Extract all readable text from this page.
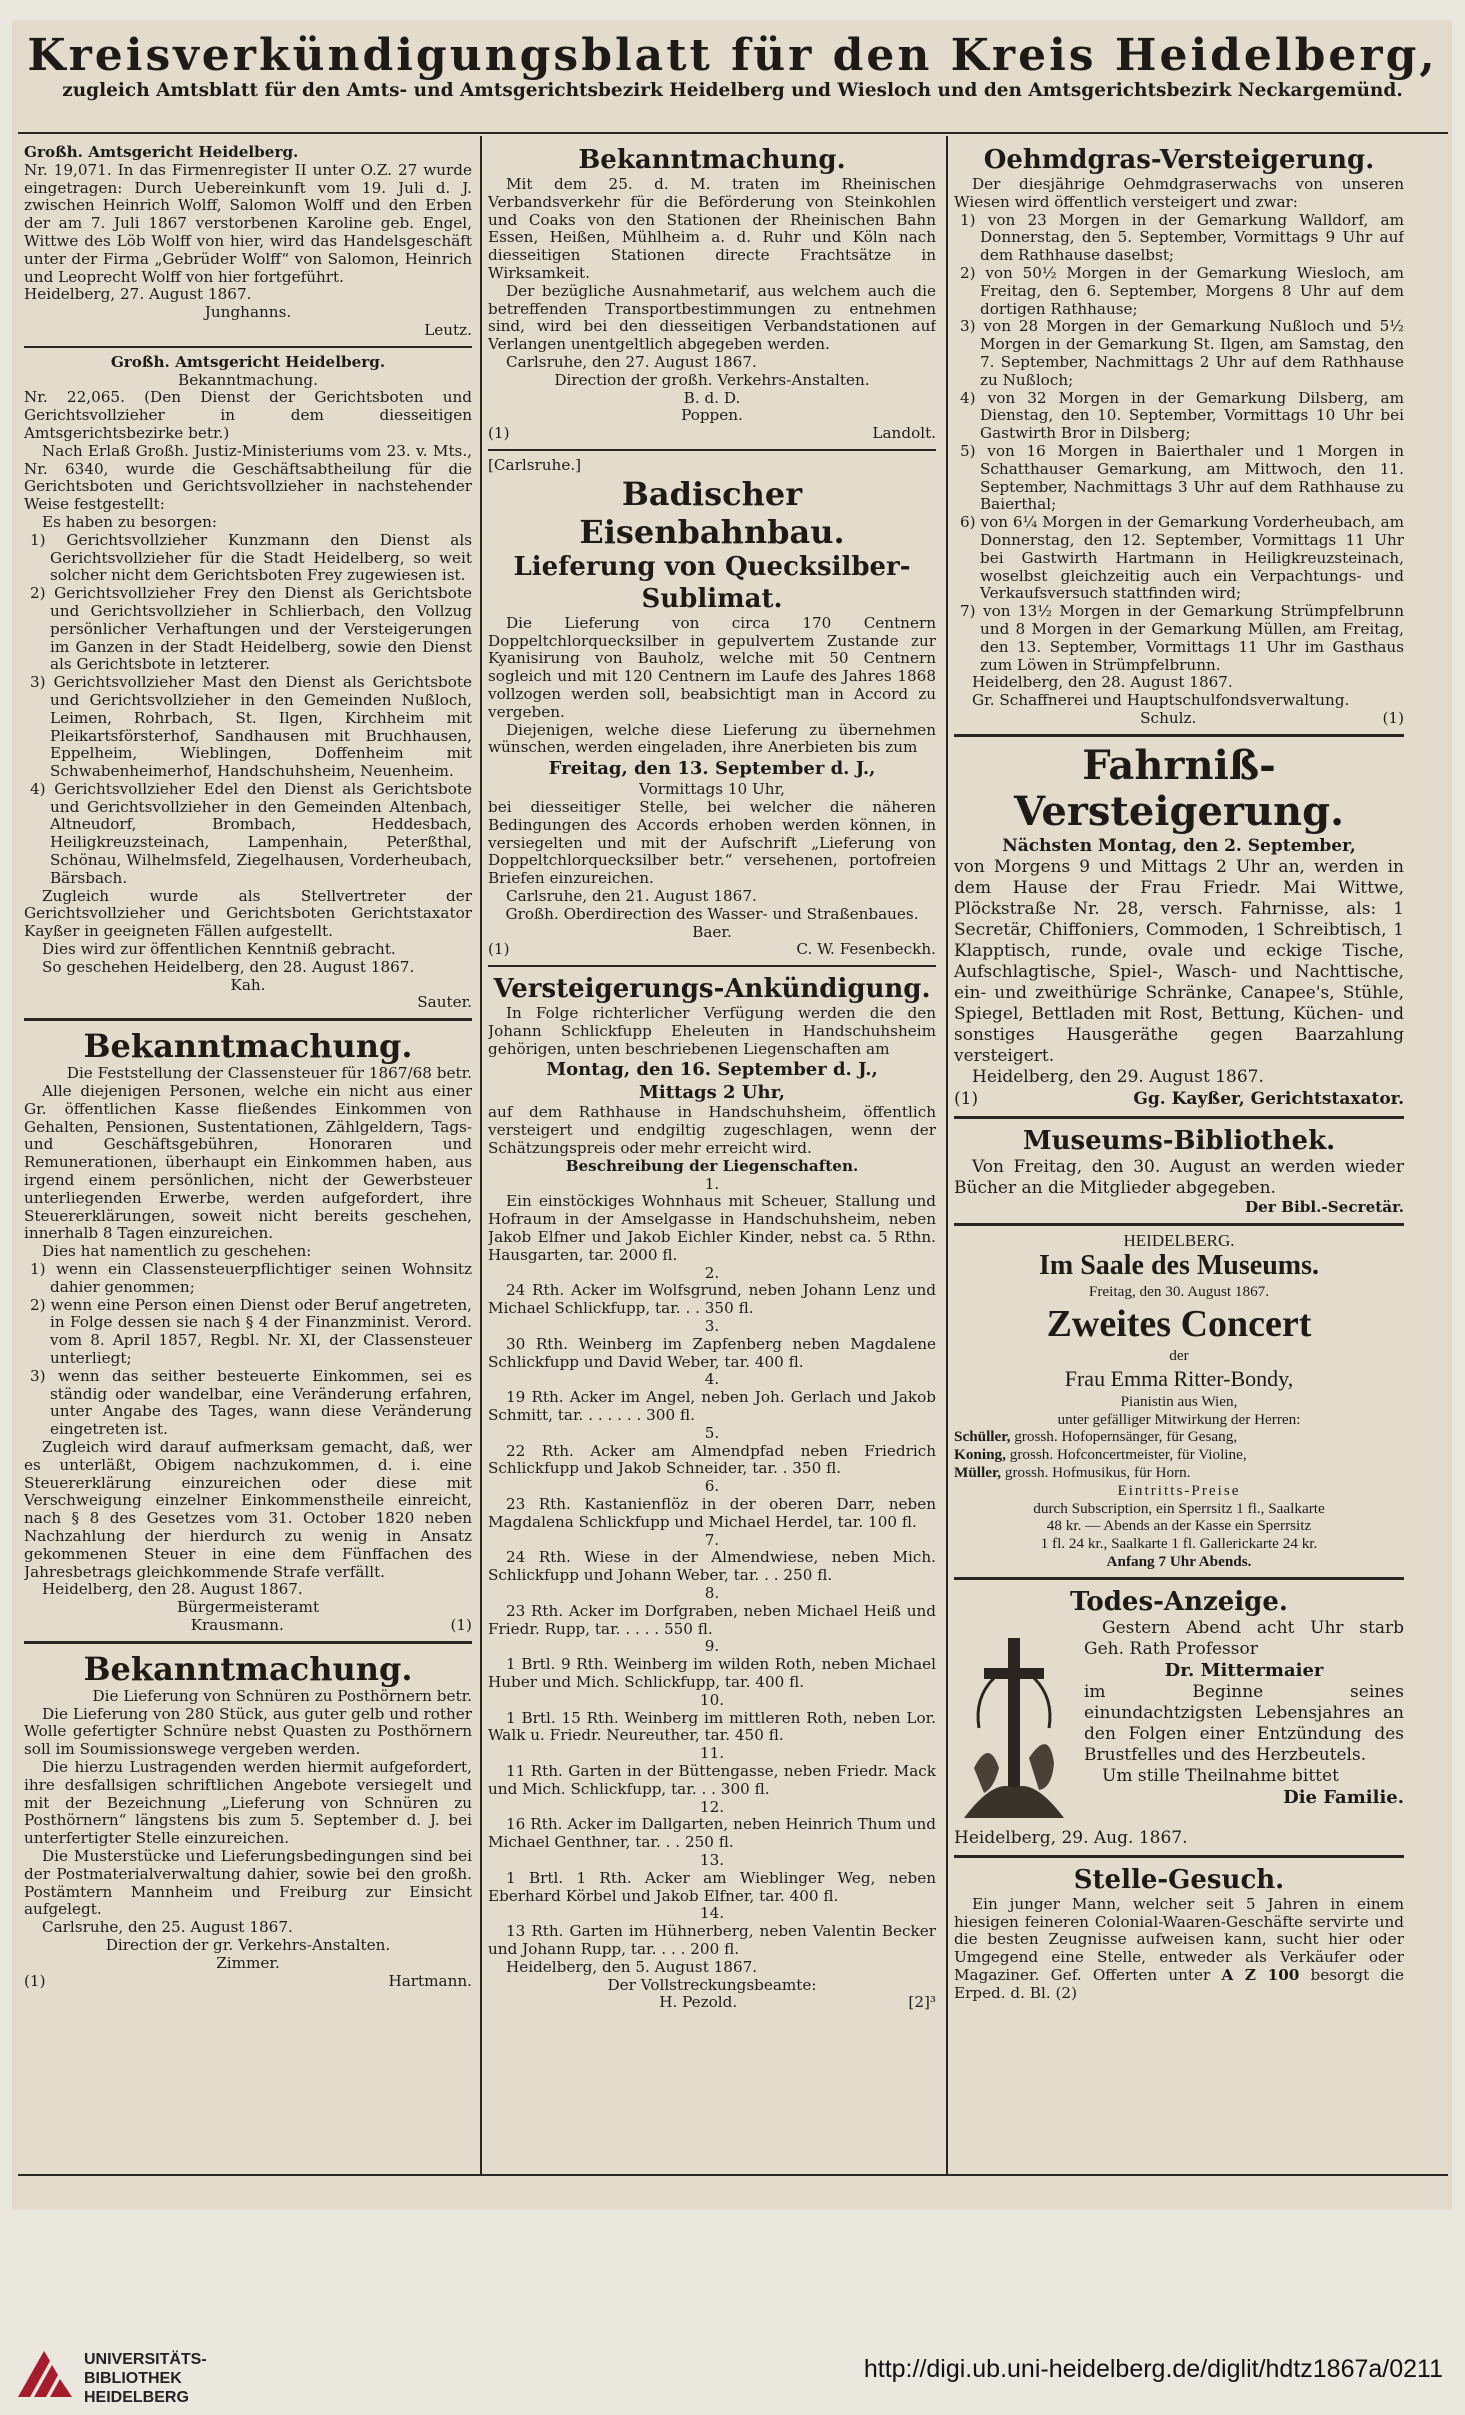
Kreisverkündigungsblatt für den Kreis Heidelberg,
zugleich Amtsblatt für den Amts- und Amtsgerichtsbezirk Heidelberg und Wiesloch und den Amtsgerichtsbezirk Neckargemünd.

Großh. Amtsgericht Heidelberg.

Nr. 19,071. In das Firmenregister II unter O.Z. 27 wurde eingetragen: Durch Uebereinkunft vom 19. Juli d. J. zwischen Heinrich Wolff, Salomon Wolff und den Erben der am 7. Juli 1867 verstorbenen Karoline geb. Engel, Wittwe des Löb Wolff von hier, wird das Handelsgeschäft unter der Firma „Gebrüder Wolff“ von Salomon, Heinrich und Leoprecht Wolff von hier fortgeführt.

Heidelberg, 27. August 1867.

Junghanns.

Leutz.

Großh. Amtsgericht Heidelberg.

Bekanntmachung.

Nr. 22,065. (Den Dienst der Gerichtsboten und Gerichtsvollzieher in dem diesseitigen Amtsgerichtsbezirke betr.)

Nach Erlaß Großh. Justiz-Ministeriums vom 23. v. Mts., Nr. 6340, wurde die Geschäftsabtheilung für die Gerichtsboten und Gerichtsvollzieher in nachstehender Weise festgestellt:

Es haben zu besorgen:

1) Gerichtsvollzieher Kunzmann den Dienst als Gerichtsvollzieher für die Stadt Heidelberg, so weit solcher nicht dem Gerichtsboten Frey zugewiesen ist.

2) Gerichtsvollzieher Frey den Dienst als Gerichtsbote und Gerichtsvollzieher in Schlierbach, den Vollzug persönlicher Verhaftungen und der Versteigerungen im Ganzen in der Stadt Heidelberg, sowie den Dienst als Gerichtsbote in letzterer.

3) Gerichtsvollzieher Mast den Dienst als Gerichtsbote und Gerichtsvollzieher in den Gemeinden Nußloch, Leimen, Rohrbach, St. Ilgen, Kirchheim mit Pleikartsförsterhof, Sandhausen mit Bruchhausen, Eppelheim, Wieblingen, Doffenheim mit Schwabenheimerhof, Handschuhsheim, Neuenheim.

4) Gerichtsvollzieher Edel den Dienst als Gerichtsbote und Gerichtsvollzieher in den Gemeinden Altenbach, Altneudorf, Brombach, Heddesbach, Heiligkreuzsteinach, Lampenhain, Peterßthal, Schönau, Wilhelmsfeld, Ziegelhausen, Vorderheubach, Bärsbach.

Zugleich wurde als Stellvertreter der Gerichtsvollzieher und Gerichtsboten Gerichtstaxator Kayßer in geeigneten Fällen aufgestellt.

Dies wird zur öffentlichen Kenntniß gebracht.

So geschehen Heidelberg, den 28. August 1867.

Kah.

Sauter.

Bekanntmachung.

Die Feststellung der Classensteuer für 1867/68 betr.

Alle diejenigen Personen, welche ein nicht aus einer Gr. öffentlichen Kasse fließendes Einkommen von Gehalten, Pensionen, Sustentationen, Zählgeldern, Tags- und Geschäftsgebühren, Honoraren und Remunerationen, überhaupt ein Einkommen haben, aus irgend einem persönlichen, nicht der Gewerbsteuer unterliegenden Erwerbe, werden aufgefordert, ihre Steuererklärungen, soweit nicht bereits geschehen, innerhalb 8 Tagen einzureichen.

Dies hat namentlich zu geschehen:

1) wenn ein Classensteuerpflichtiger seinen Wohnsitz dahier genommen;

2) wenn eine Person einen Dienst oder Beruf angetreten, in Folge dessen sie nach § 4 der Finanzminist. Verord. vom 8. April 1857, Regbl. Nr. XI, der Classensteuer unterliegt;

3) wenn das seither besteuerte Einkommen, sei es ständig oder wandelbar, eine Veränderung erfahren, unter Angabe des Tages, wann diese Veränderung eingetreten ist.

Zugleich wird darauf aufmerksam gemacht, daß, wer es unterläßt, Obigem nachzukommen, d. i. eine Steuererklärung einzureichen oder diese mit Verschweigung einzelner Einkommenstheile einreicht, nach § 8 des Gesetzes vom 31. October 1820 neben Nachzahlung der hierdurch zu wenig in Ansatz gekommenen Steuer in eine dem Fünffachen des Jahresbetrags gleichkommende Strafe verfällt.

Heidelberg, den 28. August 1867.

Bürgermeisteramt

Krausmann.	(1)
Bekanntmachung.

Die Lieferung von Schnüren zu Posthörnern betr.

Die Lieferung von 280 Stück, aus guter gelb und rother Wolle gefertigter Schnüre nebst Quasten zu Posthörnern soll im Soumissionswege vergeben werden.

Die hierzu Lustragenden werden hiermit aufgefordert, ihre desfallsigen schriftlichen Angebote versiegelt und mit der Bezeichnung „Lieferung von Schnüren zu Posthörnern“ längstens bis zum 5. September d. J. bei unterfertigter Stelle einzureichen.

Die Musterstücke und Lieferungsbedingungen sind bei der Postmaterialverwaltung dahier, sowie bei den großh. Postämtern Mannheim und Freiburg zur Einsicht aufgelegt.

Carlsruhe, den 25. August 1867.

Direction der gr. Verkehrs-Anstalten.

Zimmer.

(1)	Hartmann.
Bekanntmachung.

Mit dem 25. d. M. traten im Rheinischen Verbandsverkehr für die Beförderung von Steinkohlen und Coaks von den Stationen der Rheinischen Bahn Essen, Heißen, Mühlheim a. d. Ruhr und Köln nach diesseitigen Stationen directe Frachtsätze in Wirksamkeit.

Der bezügliche Ausnahmetarif, aus welchem auch die betreffenden Transportbestimmungen zu entnehmen sind, wird bei den diesseitigen Verbandstationen auf Verlangen unentgeltlich abgegeben werden.

Carlsruhe, den 27. August 1867.

Direction der großh. Verkehrs-Anstalten.

B. d. D.

Poppen.

(1)	Landolt.

[Carlsruhe.]

Badischer Eisenbahnbau.
Lieferung von Quecksilber-Sublimat.

Die Lieferung von circa 170 Centnern Doppeltchlorquecksilber in gepulvertem Zustande zur Kyanisirung von Bauholz, welche mit 50 Centnern sogleich und mit 120 Centnern im Laufe des Jahres 1868 vollzogen werden soll, beabsichtigt man in Accord zu vergeben.

Diejenigen, welche diese Lieferung zu übernehmen wünschen, werden eingeladen, ihre Anerbieten bis zum

Freitag, den 13. September d. J.,

Vormittags 10 Uhr,

bei diesseitiger Stelle, bei welcher die näheren Bedingungen des Accords erhoben werden können, in versiegelten und mit der Aufschrift „Lieferung von Doppeltchlorquecksilber betr.“ versehenen, portofreien Briefen einzureichen.

Carlsruhe, den 21. August 1867.

Großh. Oberdirection des Wasser- und Straßenbaues.

Baer.

(1)	C. W. Fesenbeckh.
Versteigerungs-Ankündigung.

In Folge richterlicher Verfügung werden die den Johann Schlickfupp Eheleuten in Handschuhsheim gehörigen, unten beschriebenen Liegenschaften am

Montag, den 16. September d. J.,

Mittags 2 Uhr,

auf dem Rathhause in Handschuhsheim, öffentlich versteigert und endgiltig zugeschlagen, wenn der Schätzungspreis oder mehr erreicht wird.

Beschreibung der Liegenschaften.

1.

Ein einstöckiges Wohnhaus mit Scheuer, Stallung und Hofraum in der Amselgasse in Handschuhsheim, neben Jakob Elfner und Jakob Eichler Kinder, nebst ca. 5 Rthn. Hausgarten, tar. 2000 fl.

2.

24 Rth. Acker im Wolfsgrund, neben Johann Lenz und Michael Schlickfupp, tar. . . 350 fl.

3.

30 Rth. Weinberg im Zapfenberg neben Magdalene Schlickfupp und David Weber, tar. 400 fl.

4.

19 Rth. Acker im Angel, neben Joh. Gerlach und Jakob Schmitt, tar. . . . . . . 300 fl.

5.

22 Rth. Acker am Almendpfad neben Friedrich Schlickfupp und Jakob Schneider, tar. . 350 fl.

6.

23 Rth. Kastanienflöz in der oberen Darr, neben Magdalena Schlickfupp und Michael Herdel, tar. 100 fl.

7.

24 Rth. Wiese in der Almendwiese, neben Mich. Schlickfupp und Johann Weber, tar. . . 250 fl.

8.

23 Rth. Acker im Dorfgraben, neben Michael Heiß und Friedr. Rupp, tar. . . . . 550 fl.

9.

1 Brtl. 9 Rth. Weinberg im wilden Roth, neben Michael Huber und Mich. Schlickfupp, tar. 400 fl.

10.

1 Brtl. 15 Rth. Weinberg im mittleren Roth, neben Lor. Walk u. Friedr. Neureuther, tar. 450 fl.

11.

11 Rth. Garten in der Büttengasse, neben Friedr. Mack und Mich. Schlickfupp, tar. . . 300 fl.

12.

16 Rth. Acker im Dallgarten, neben Heinrich Thum und Michael Genthner, tar. . . 250 fl.

13.

1 Brtl. 1 Rth. Acker am Wieblinger Weg, neben Eberhard Körbel und Jakob Elfner, tar. 400 fl.

14.

13 Rth. Garten im Hühnerberg, neben Valentin Becker und Johann Rupp, tar. . . . 200 fl.

Heidelberg, den 5. August 1867.

Der Vollstreckungsbeamte:

H. Pezold.	[2]³
Oehmdgras-Versteigerung.

Der diesjährige Oehmdgraserwachs von unseren Wiesen wird öffentlich versteigert und zwar:

1) von 23 Morgen in der Gemarkung Walldorf, am Donnerstag, den 5. September, Vormittags 9 Uhr auf dem Rathhause daselbst;

2) von 50½ Morgen in der Gemarkung Wiesloch, am Freitag, den 6. September, Morgens 8 Uhr auf dem dortigen Rathhause;

3) von 28 Morgen in der Gemarkung Nußloch und 5½ Morgen in der Gemarkung St. Ilgen, am Samstag, den 7. September, Nachmittags 2 Uhr auf dem Rathhause zu Nußloch;

4) von 32 Morgen in der Gemarkung Dilsberg, am Dienstag, den 10. September, Vormittags 10 Uhr bei Gastwirth Bror in Dilsberg;

5) von 16 Morgen in Baierthaler und 1 Morgen in Schatthauser Gemarkung, am Mittwoch, den 11. September, Nachmittags 3 Uhr auf dem Rathhause zu Baierthal;

6) von 6¼ Morgen in der Gemarkung Vorderheubach, am Donnerstag, den 12. September, Vormittags 11 Uhr bei Gastwirth Hartmann in Heiligkreuzsteinach, woselbst gleichzeitig auch ein Verpachtungs- und Verkaufsversuch stattfinden wird;

7) von 13½ Morgen in der Gemarkung Strümpfelbrunn und 8 Morgen in der Gemarkung Müllen, am Freitag, den 13. September, Vormittags 11 Uhr im Gasthaus zum Löwen in Strümpfelbrunn.

Heidelberg, den 28. August 1867.

Gr. Schaffnerei und Hauptschulfondsverwaltung.

Schulz.	(1)
Fahrniß-Versteigerung.

Nächsten Montag, den 2. September,

von Morgens 9 und Mittags 2 Uhr an, werden in dem Hause der Frau Friedr. Mai Wittwe, Plöckstraße Nr. 28, versch. Fahrnisse, als: 1 Secretär, Chiffoniers, Commoden, 1 Schreibtisch, 1 Klapptisch, runde, ovale und eckige Tische, Aufschlagtische, Spiel-, Wasch- und Nachttische, ein- und zweithürige Schränke, Canapee's, Stühle, Spiegel, Bettladen mit Rost, Bettung, Küchen- und sonstiges Hausgeräthe gegen Baarzahlung versteigert.

Heidelberg, den 29. August 1867.

(1)	Gg. Kayßer, Gerichtstaxator.
Museums-Bibliothek.

Von Freitag, den 30. August an werden wieder Bücher an die Mitglieder abgegeben.

Der Bibl.-Secretär.

HEIDELBERG.

Im Saale des Museums.

Freitag, den 30. August 1867.

Zweites Concert

der

Frau Emma Ritter-Bondy,

Pianistin aus Wien,

unter gefälliger Mitwirkung der Herren:

Schüller, grossh. Hofopernsänger, für Gesang,

Koning, grossh. Hofconcertmeister, für Violine,

Müller, grossh. Hofmusikus, für Horn.

Eintritts-Preise

durch Subscription, ein Sperrsitz 1 fl., Saalkarte

48 kr. — Abends an der Kasse ein Sperrsitz

1 fl. 24 kr., Saalkarte 1 fl. Gallerickarte 24 kr.

Anfang 7 Uhr Abends.

Todes-Anzeige.

Gestern Abend acht Uhr starb Geh. Rath Professor

Dr. Mittermaier

im Beginne seines einundachtzigsten Lebensjahres an den Folgen einer Entzündung des Brustfelles und des Herzbeutels.

Um stille Theilnahme bittet

Die Familie.

Heidelberg, 29. Aug. 1867.

Stelle-Gesuch.

Ein junger Mann, welcher seit 5 Jahren in einem hiesigen feineren Colonial-Waaren-Geschäfte servirte und die besten Zeugnisse aufweisen kann, sucht hier oder Umgegend eine Stelle, entweder als Verkäufer oder Magaziner. Gef. Offerten unter A Z 100 besorgt die Erped. d. Bl. (2)

UNIVERSITÄTS-
BIBLIOTHEK
HEIDELBERG
http://digi.ub.uni-heidelberg.de/diglit/hdtz1867a/0211
